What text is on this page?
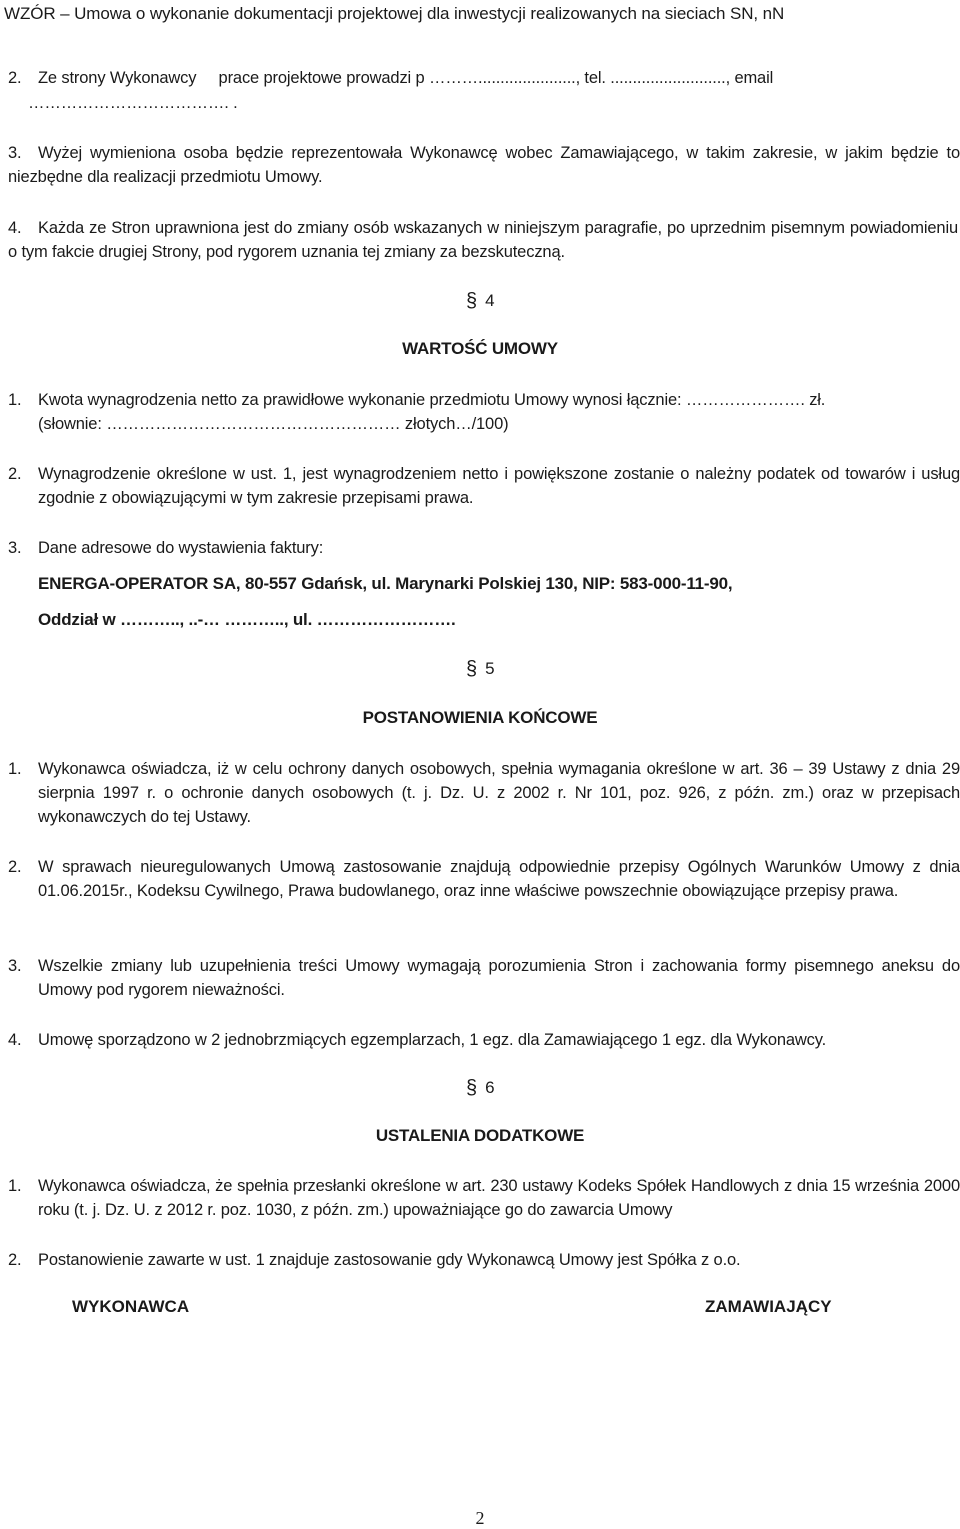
WZÓR – Umowa o wykonanie dokumentacji projektowej dla inwestycji realizowanych na sieciach SN, nN
2. Ze strony Wykonawcy     prace projektowe prowadzi p ………......................, tel. .........................., email
………………………………. .
3. Wyżej wymieniona osoba będzie reprezentowała Wykonawcę wobec Zamawiającego, w takim zakresie, w jakim będzie to niezbędne dla realizacji przedmiotu Umowy.
4. Każda ze Stron uprawniona jest do zmiany osób wskazanych w niniejszym paragrafie, po uprzednim pisemnym powiadomieniu o tym fakcie drugiej Strony, pod rygorem uznania tej zmiany za bezskuteczną.
§ 4
WARTOŚĆ UMOWY
1. Kwota wynagrodzenia netto za prawidłowe wykonanie przedmiotu Umowy wynosi łącznie: …………………. zł.
(słownie: ……………………………………………… złotych…/100)
2. Wynagrodzenie określone w ust. 1, jest wynagrodzeniem netto i powiększone zostanie o należny podatek od towarów i usług zgodnie z obowiązującymi w tym zakresie przepisami prawa.
3. Dane adresowe do wystawienia faktury:
ENERGA-OPERATOR SA, 80-557 Gdańsk, ul. Marynarki Polskiej 130, NIP: 583-000-11-90,
Oddział w ……….., ..-… ……….., ul. …………………….
§ 5
POSTANOWIENIA KOŃCOWE
1. Wykonawca oświadcza, iż w celu ochrony danych osobowych, spełnia wymagania określone w art. 36 – 39 Ustawy z dnia 29 sierpnia 1997 r. o ochronie danych osobowych (t. j. Dz. U. z 2002 r. Nr 101, poz. 926, z późn. zm.) oraz w przepisach wykonawczych do tej Ustawy.
2. W sprawach nieuregulowanych Umową zastosowanie znajdują odpowiednie przepisy Ogólnych Warunków Umowy z dnia 01.06.2015r., Kodeksu Cywilnego, Prawa budowlanego, oraz inne właściwe powszechnie obowiązujące przepisy prawa.
3. Wszelkie zmiany lub uzupełnienia treści Umowy wymagają porozumienia Stron i zachowania formy pisemnego aneksu do Umowy pod rygorem nieważności.
4. Umowę sporządzono w 2 jednobrzmiących egzemplarzach, 1 egz. dla Zamawiającego 1 egz. dla Wykonawcy.
§ 6
USTALENIA DODATKOWE
1. Wykonawca oświadcza, że spełnia przesłanki określone w art. 230 ustawy Kodeks Spółek Handlowych z dnia 15 września 2000 roku (t. j. Dz. U. z 2012 r. poz. 1030, z późn. zm.) upoważniające go do zawarcia Umowy
2. Postanowienie zawarte w ust. 1 znajduje zastosowanie gdy Wykonawcą Umowy jest Spółka z o.o.
WYKONAWCA	ZAMAWIAJĄCY
2
